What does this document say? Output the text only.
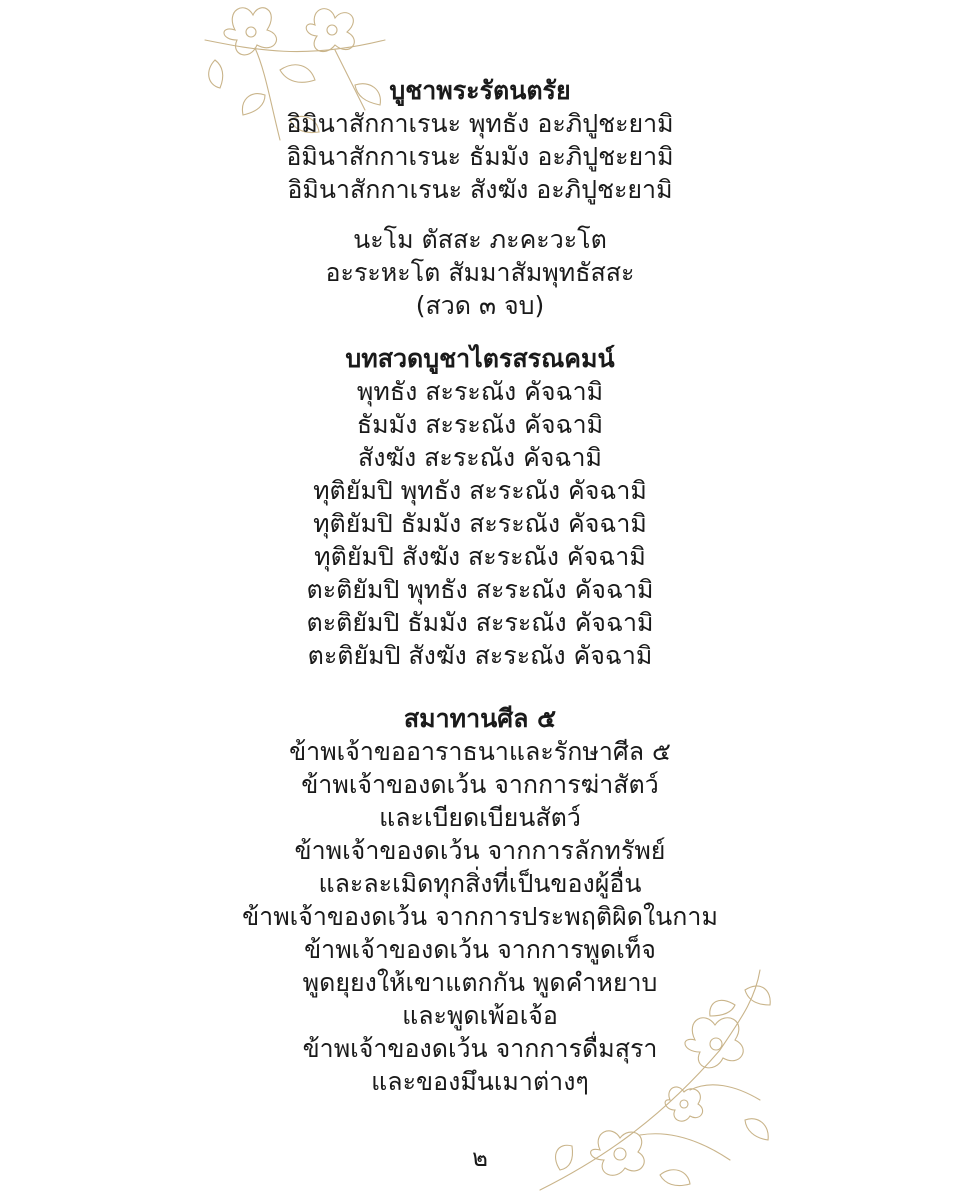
บูชาพระรัตนตรัย
อิมินาสักกาเรนะ พุทธัง อะภิปูชะยามิ
อิมินาสักกาเรนะ ธัมมัง อะภิปูชะยามิ
อิมินาสักกาเรนะ สังฆัง อะภิปูชะยามิ
นะโม ตัสสะ ภะคะวะโต
อะระหะโต สัมมาสัมพุทธัสสะ
(สวด ๓ จบ)
บทสวดบูชาไตรสรณคมน์
พุทธัง สะระณัง คัจฉามิ
ธัมมัง สะระณัง คัจฉามิ
สังฆัง สะระณัง คัจฉามิ
ทุติยัมปิ พุทธัง สะระณัง คัจฉามิ
ทุติยัมปิ ธัมมัง สะระณัง คัจฉามิ
ทุติยัมปิ สังฆัง สะระณัง คัจฉามิ
ตะติยัมปิ พุทธัง สะระณัง คัจฉามิ
ตะติยัมปิ ธัมมัง สะระณัง คัจฉามิ
ตะติยัมปิ สังฆัง สะระณัง คัจฉามิ
สมาทานศีล ๕
ข้าพเจ้าขออาราธนาและรักษาศีล ๕
ข้าพเจ้าของดเว้น จากการฆ่าสัตว์
และเบียดเบียนสัตว์
ข้าพเจ้าของดเว้น จากการลักทรัพย์
และละเมิดทุกสิ่งที่เป็นของผู้อื่น
ข้าพเจ้าของดเว้น จากการประพฤติผิดในกาม
ข้าพเจ้าของดเว้น จากการพูดเท็จ
พูดยุยงให้เขาแตกกัน พูดคำหยาบ
และพูดเพ้อเจ้อ
ข้าพเจ้าของดเว้น จากการดื่มสุรา
และของมึนเมาต่างๆ
๒
